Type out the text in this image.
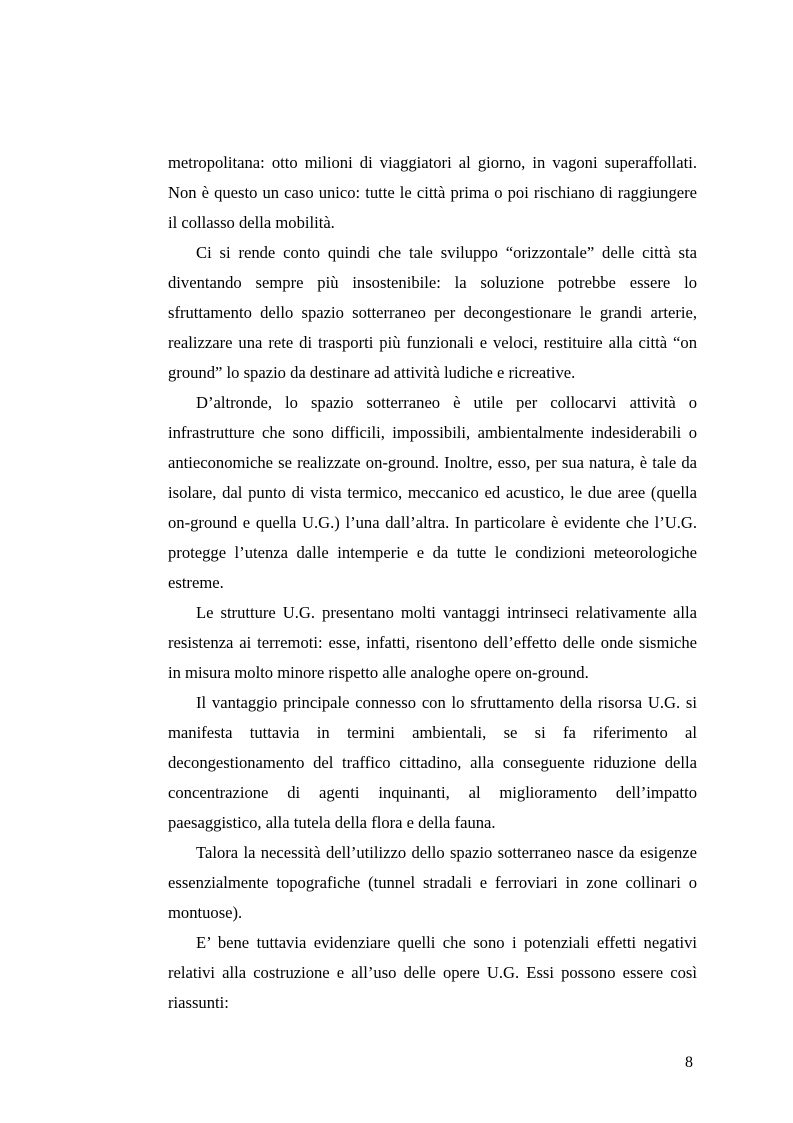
metropolitana: otto milioni di viaggiatori al giorno, in vagoni superaffollati. Non è questo un caso unico: tutte le città prima o poi rischiano di raggiungere il collasso della mobilità.

Ci si rende conto quindi che tale sviluppo “orizzontale” delle città sta diventando sempre più insostenibile: la soluzione potrebbe essere lo sfruttamento dello spazio sotterraneo per decongestionare le grandi arterie, realizzare una rete di trasporti più funzionali e veloci, restituire alla città “on ground” lo spazio da destinare ad attività ludiche e ricreative.

D’altronde, lo spazio sotterraneo è utile per collocarvi attività o infrastrutture che sono difficili, impossibili, ambientalmente indesiderabili o antieconomiche se realizzate on-ground. Inoltre, esso, per sua natura, è tale da isolare, dal punto di vista termico, meccanico ed acustico, le due aree (quella on-ground e quella U.G.) l’una dall’altra. In particolare è evidente che l’U.G. protegge l’utenza dalle intemperie e da tutte le condizioni meteorologiche estreme.

Le strutture U.G. presentano molti vantaggi intrinseci relativamente alla resistenza ai terremoti: esse, infatti, risentono dell’effetto delle onde sismiche in misura molto minore rispetto alle analoghe opere on-ground.

Il vantaggio principale connesso con lo sfruttamento della risorsa U.G. si manifesta tuttavia in termini ambientali, se si fa riferimento al decongestionamento del traffico cittadino, alla conseguente riduzione della concentrazione di agenti inquinanti, al miglioramento dell’impatto paesaggistico, alla tutela della flora e della fauna.

Talora la necessità dell’utilizzo dello spazio sotterraneo nasce da esigenze essenzialmente topografiche (tunnel stradali e ferroviari in zone collinari o montuose).

E’ bene tuttavia evidenziare quelli che sono i potenziali effetti negativi relativi alla costruzione e all’uso delle opere U.G. Essi possono essere così riassunti:

8
